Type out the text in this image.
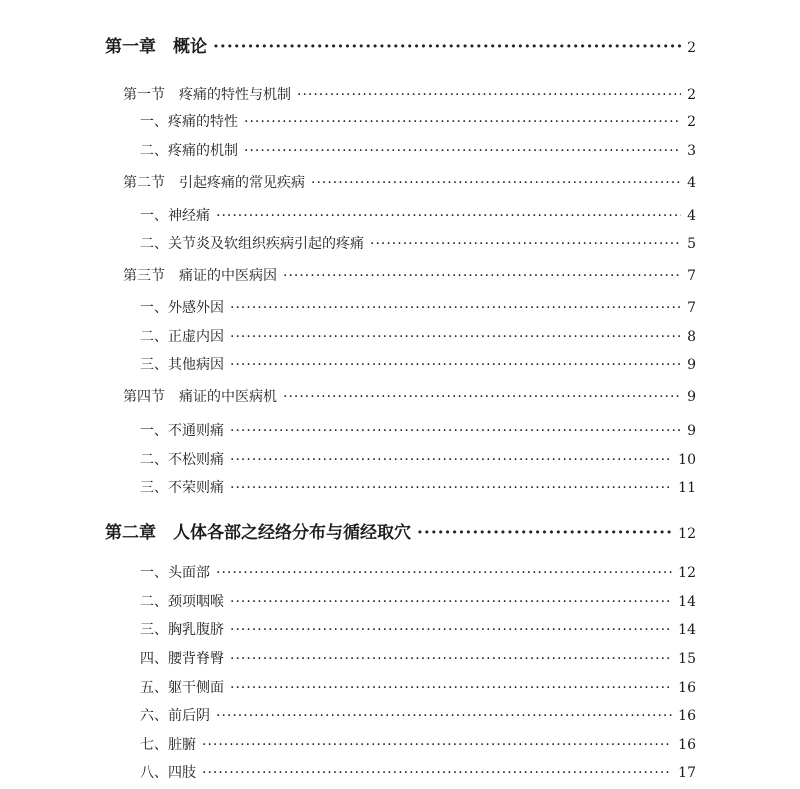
第一章　概论 ·····	2
第一节　疼痛的特性与机制 ·····	2
一、疼痛的特性 ·····	2
二、疼痛的机制 ·····	3
第二节　引起疼痛的常见疾病 ·····	4
一、神经痛 ·····	4
二、关节炎及软组织疾病引起的疼痛 ·····	5
第三节　痛证的中医病因 ·····	7
一、外感外因 ·····	7
二、正虚内因 ·····	8
三、其他病因 ·····	9
第四节　痛证的中医病机 ·····	9
一、不通则痛 ·····	9
二、不松则痛 ·····	10
三、不荣则痛 ·····	11
第二章　人体各部之经络分布与循经取穴 ·····	12
一、头面部 ·····	12
二、颈项咽喉 ·····	14
三、胸乳腹脐 ·····	14
四、腰背脊臀 ·····	15
五、躯干侧面 ·····	16
六、前后阴 ·····	16
七、脏腑 ·····	16
八、四肢 ·····	17
